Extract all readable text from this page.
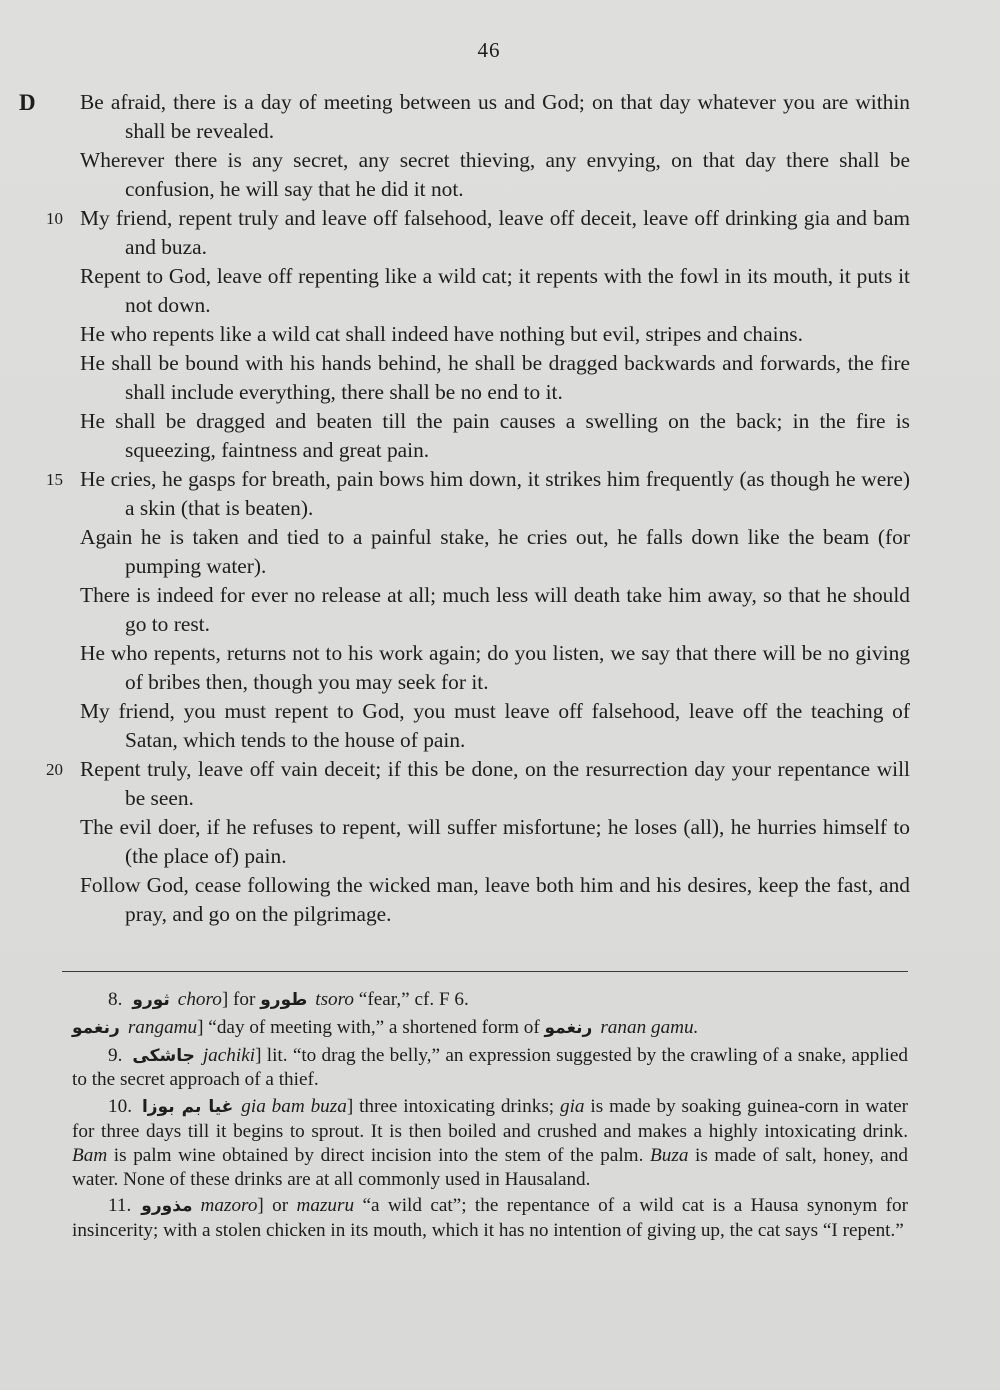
46
D Be afraid, there is a day of meeting between us and God; on that day whatever you are within shall be revealed.

Wherever there is any secret, any secret thieving, any envying, on that day there shall be confusion, he will say that he did it not.

10 My friend, repent truly and leave off falsehood, leave off deceit, leave off drinking gia and bam and buza.

Repent to God, leave off repenting like a wild cat; it repents with the fowl in its mouth, it puts it not down.

He who repents like a wild cat shall indeed have nothing but evil, stripes and chains.

He shall be bound with his hands behind, he shall be dragged backwards and forwards, the fire shall include everything, there shall be no end to it.

He shall be dragged and beaten till the pain causes a swelling on the back; in the fire is squeezing, faintness and great pain.

15 He cries, he gasps for breath, pain bows him down, it strikes him frequently (as though he were) a skin (that is beaten).

Again he is taken and tied to a painful stake, he cries out, he falls down like the beam (for pumping water).

There is indeed for ever no release at all; much less will death take him away, so that he should go to rest.

He who repents, returns not to his work again; do you listen, we say that there will be no giving of bribes then, though you may seek for it.

My friend, you must repent to God, you must leave off falsehood, leave off the teaching of Satan, which tends to the house of pain.

20 Repent truly, leave off vain deceit; if this be done, on the resurrection day your repentance will be seen.

The evil doer, if he refuses to repent, will suffer misfortune; he loses (all), he hurries himself to (the place of) pain.

Follow God, cease following the wicked man, leave both him and his desires, keep the fast, and pray, and go on the pilgrimage.

8. ثورو choro] for طورو tsoro “fear,” cf. F 6.

رنغمو rangamu] “day of meeting with,” a shortened form of رنغمو ranan gamu.

9. جاشكى jachiki] lit. “to drag the belly,” an expression suggested by the crawling of a snake, applied to the secret approach of a thief.

10. غيا بم بوزا gia bam buza] three intoxicating drinks; gia is made by soaking guinea-corn in water for three days till it begins to sprout. It is then boiled and crushed and makes a highly intoxicating drink. Bam is palm wine obtained by direct incision into the stem of the palm. Buza is made of salt, honey, and water. None of these drinks are at all commonly used in Hausaland.

11. مذورو mazoro] or mazuru “a wild cat”; the repentance of a wild cat is a Hausa synonym for insincerity; with a stolen chicken in its mouth, which it has no intention of giving up, the cat says “I repent.”
